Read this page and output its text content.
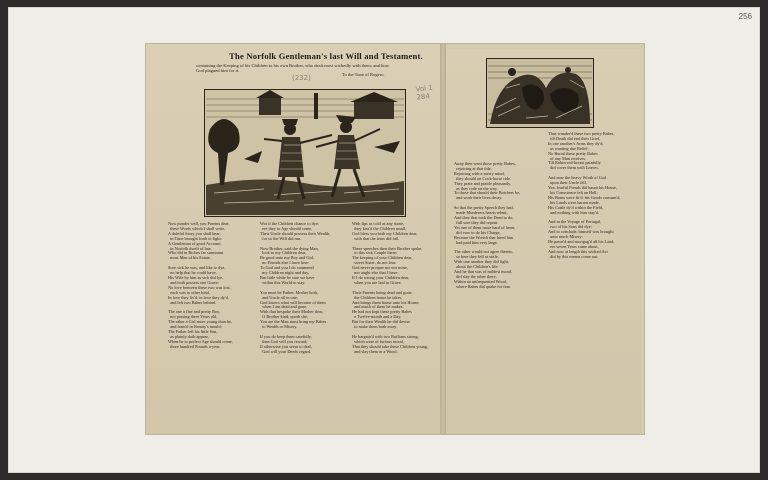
256
The Norfolk Gentleman's last Will and Testament.
containing the Keeping of his Children to his own Brother, who dealt most wickedly with them; and how
God plagued him for it.
To the Tune of Rogero.
(232)
Vol 1 284
Now ponder well, you Parents dear,
these Words which I shall write,
A doleful Story you shall hear,
in Time brought forth to light;
A Gentleman of good Account,
in Norfolk dwelt of late,
Who did in Riches far surmount
most Men of his Estate.

Sore sick he was, and like to dye,
no help that he could have;
His Wife by him as sick did lye,
and both possess one Grave:
No love between these two was lost,
each was to other kind,
In love they liv'd, in love they dy'd,
and left two Babes behind.

The one a fine and pretty Boy,
not passing three Years old,
The other a Girl more young than he,
and fram'd in Beauty's mould;
The Father left his little Son,
as plainly doth appear,
When he to perfect Age should come,
three hundred Pounds a-year.
Wot if the Children chance to dye,
ere they to Age should come,
Their Uncle should possess their Wealth,
for so the Will did run.

Now Brother, said the dying Man,
look to my Children dear,
Be good unto my Boy and Girl,
no Friends else I have here:
To God and you I do commend
my Children night and day,
But little while be sure we have
within this World to stay.

You must be Father, Mother both,
and Uncle all in one;
God knows what will become of them
when I am dead and gone.
With that bespoke their Mother dear,
O Brother kind, quoth she,
You are the Man must bring my Babes
to Wealth or Misery.

If you do keep them carefully,
then God will you reward;
If otherwise you seem to deal,
God will your Deeds regard.
With lips as cold as any stone,
they kiss'd the Children small,
God bless you both my Children dear,
with that the tears did fall.

These speeches then their Brother spoke,
to this sick Couple there;
The keeping of your Children dear,
sweet Sister, do not fear.
God never prosper me nor mine,
nor aught else that I have,
If I do wrong your Children dear,
when you are laid in Grave.

Their Parents being dead and gone,
the Children home he takes,
And brings them home unto his House,
and much of them he makes.
He had not kept these pretty Babes
a Twelve-month and a Day,
But for their Wealth he did devise
to make them both away.

He bargain'd with two Ruffians strong,
which were of furious mood,
That they should take these Children young,
and slay them in a Wood.
Away then went those pretty Babes,
rejoicing at that tide,
Rejoicing with a merry mind,
they should on Cock-horse ride.
They prate and prattle pleasantly,
as they rode on the way,
To those that should their Butchers be,
and work their lives decay.

So that the pretty Speech they had,
made Murderers hearts relent,
And they that took the Deed to do,
full sore they did repent.
Yet one of them more hard of heart,
did vow to do his Charge,
Because the Wretch that hired him
had paid him very large.

The other would not agree thereto,
so here they fell at strife,
With one another they did fight,
about the Children's life:
And he that was of mildest mood,
did slay the other there,
Within an unfrequented Wood,
where Babes did quake for fear.
Thus wander'd these two pretty Babes,
till Death did end their Grief,
In one another's Arms they dy'd,
as wanting due Relief:
No Burial these pretty Babes
of any Man receives,
Till Robin-red-breast painfully
did cover them with Leaves.

And now the heavy Wrath of God
upon their Uncle fell,
Yea, fearful Fiends did haunt his House,
his Conscience felt an Hell;
His Barns were fir'd, his Goods consum'd,
his Lands were barren made,
His Cattle dy'd within the Field,
and nothing with him stay'd.

And in the Voyage of Portugal,
two of his Sons did dye;
And to conclude, himself was brought
unto much Misery:
He pawn'd and mortgag'd all his Land,
ere seven Years came about,
And now at length this wicked Act
did by this means come out.
